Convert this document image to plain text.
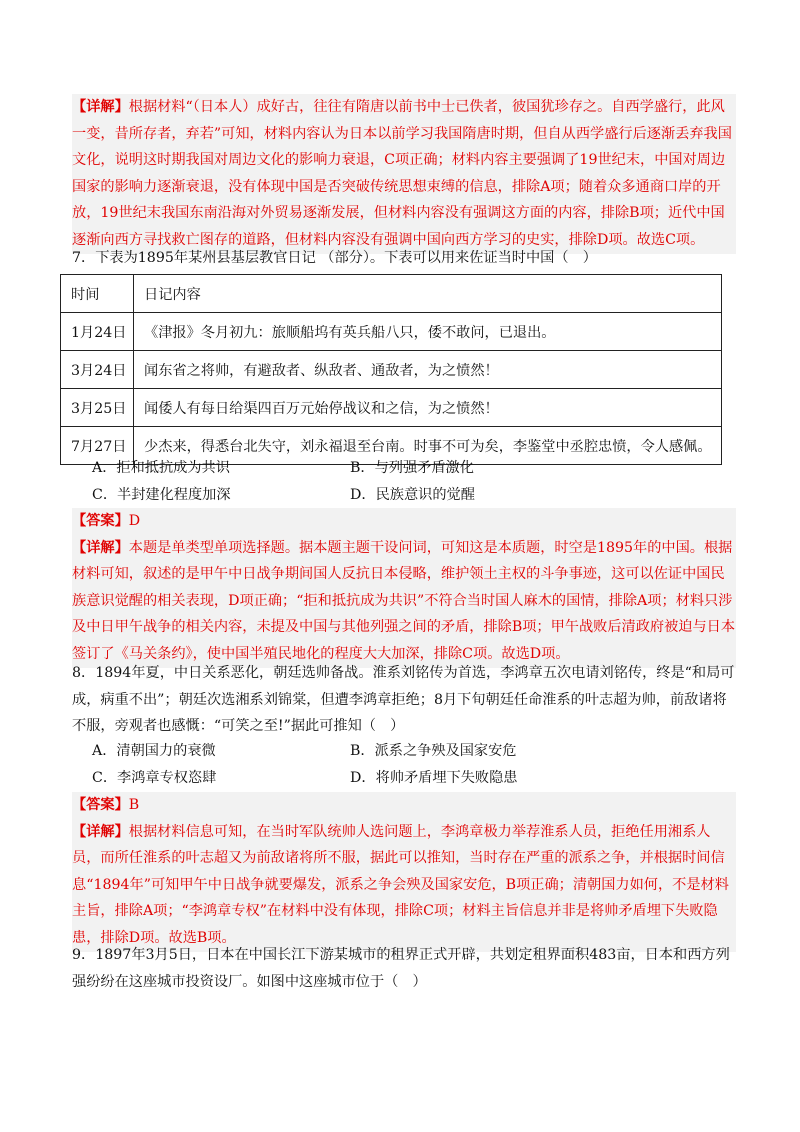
【详解】根据材料“（日本人）成好古，往往有隋唐以前书中士已佚者，彼国犹珍存之。自西学盛行，此风一变，昔所存者，弃若”可知，材料内容认为日本以前学习我国隋唐时期，但自从西学盛行后逐渐丢弃我国文化，说明这时期我国对周边文化的影响力衰退，C项正确；材料内容主要强调了19世纪末，中国对周边国家的影响力逐渐衰退，没有体现中国是否突破传统思想束缚的信息，排除A项；随着众多通商口岸的开放，19世纪末我国东南沿海对外贸易逐渐发展，但材料内容没有强调这方面的内容，排除B项；近代中国逐渐向西方寻找救亡图存的道路，但材料内容没有强调中国向西方学习的史实，排除D项。故选C项。
7．下表为1895年某州县基层教官日记 （部分）。下表可以用来佐证当时中国（　）
时间	日记内容
1月24日	《津报》冬月初九：旅顺船坞有英兵船八只，倭不敢问，已退出。
3月24日	闻东省之将帅，有避敌者、纵敌者、通敌者，为之愤然！
3月25日	闻倭人有每日给渠四百万元始停战议和之信，为之愤然！
7月27日	少杰来，得悉台北失守，刘永福退至台南。时事不可为矣，李鉴堂中丞腔忠愤，令人感佩。
A．拒和抵抗成为共识	B．与列强矛盾激化
C．半封建化程度加深	D．民族意识的觉醒
【答案】D
【详解】本题是单类型单项选择题。据本题主题干设问词，可知这是本质题，时空是1895年的中国。根据材料可知，叙述的是甲午中日战争期间国人反抗日本侵略，维护领土主权的斗争事迹，这可以佐证中国民族意识觉醒的相关表现，D项正确；“拒和抵抗成为共识”不符合当时国人麻木的国情，排除A项；材料只涉及中日甲午战争的相关内容，未提及中国与其他列强之间的矛盾，排除B项；甲午战败后清政府被迫与日本签订了《马关条约》，使中国半殖民地化的程度大大加深，排除C项。故选D项。
8．1894年夏，中日关系恶化，朝廷选帅备战。淮系刘铭传为首选，李鸿章五次电请刘铭传，终是“和局可成，病重不出”；朝廷次选湘系刘锦棠，但遭李鸿章拒绝；8月下旬朝廷任命淮系的叶志超为帅，前敌诸将不服，旁观者也感慨：“可笑之至!”据此可推知（　）
A．清朝国力的衰微	B．派系之争殃及国家安危
C．李鸿章专权恣肆	D．将帅矛盾埋下失败隐患
【答案】B
【详解】根据材料信息可知，在当时军队统帅人选问题上，李鸿章极力举荐淮系人员，拒绝任用湘系人员，而所任淮系的叶志超又为前敌诸将所不服，据此可以推知，当时存在严重的派系之争，并根据时间信息“1894年”可知甲午中日战争就要爆发，派系之争会殃及国家安危，B项正确；清朝国力如何，不是材料主旨，排除A项；“李鸿章专权”在材料中没有体现，排除C项；材料主旨信息并非是将帅矛盾埋下失败隐患，排除D项。故选B项。
9．1897年3月5日，日本在中国长江下游某城市的租界正式开辟，共划定租界面积483亩，日本和西方列强纷纷在这座城市投资设厂。如图中这座城市位于（　）
